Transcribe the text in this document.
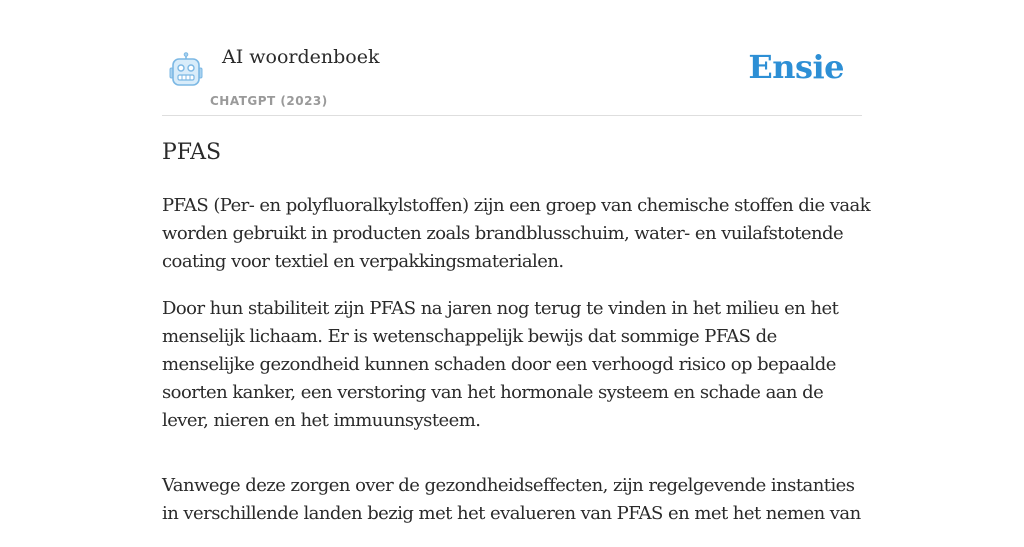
AI woordenboek
CHATGPT (2023)
Ensie
PFAS

PFAS (Per- en polyfluoralkylstoffen) zijn een groep van chemische stoffen die vaak worden gebruikt in producten zoals brandblusschuim, water- en vuilafstotende coating voor textiel en verpakkingsmaterialen.

Door hun stabiliteit zijn PFAS na jaren nog terug te vinden in het milieu en het menselijk lichaam. Er is wetenschappelijk bewijs dat sommige PFAS de menselijke gezondheid kunnen schaden door een verhoogd risico op bepaalde soorten kanker, een verstoring van het hormonale systeem en schade aan de lever, nieren en het immuunsysteem.

Vanwege deze zorgen over de gezondheidseffecten, zijn regelgevende instanties in verschillende landen bezig met het evalueren van PFAS en met het nemen van
